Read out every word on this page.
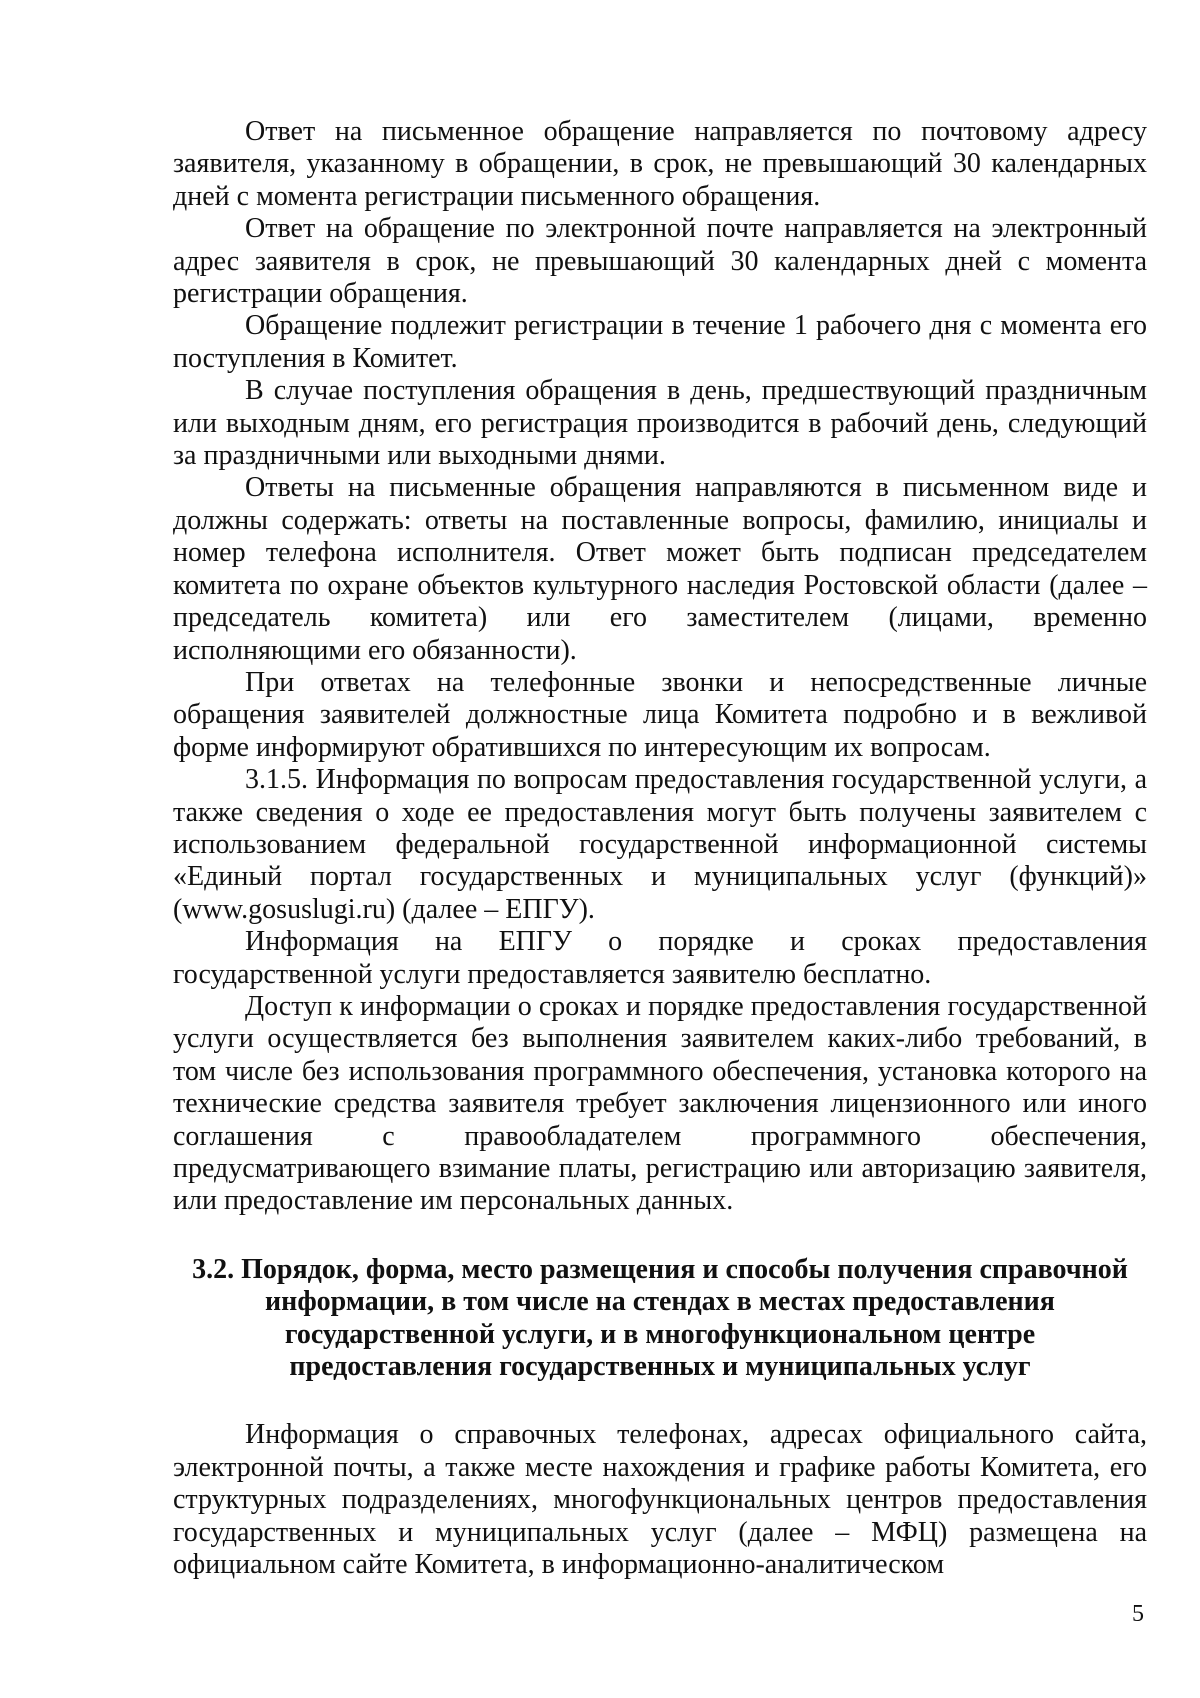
Ответ на письменное обращение направляется по почтовому адресу заявителя, указанному в обращении, в срок, не превышающий 30 календарных дней с момента регистрации письменного обращения.

Ответ на обращение по электронной почте направляется на электронный адрес заявителя в срок, не превышающий 30 календарных дней с момента регистрации обращения.

Обращение подлежит регистрации в течение 1 рабочего дня с момента его поступления в Комитет.

В случае поступления обращения в день, предшествующий праздничным или выходным дням, его регистрация производится в рабочий день, следующий за праздничными или выходными днями.

Ответы на письменные обращения направляются в письменном виде и должны содержать: ответы на поставленные вопросы, фамилию, инициалы и номер телефона исполнителя. Ответ может быть подписан председателем комитета по охране объектов культурного наследия Ростовской области (далее – председатель комитета) или его заместителем (лицами, временно исполняющими его обязанности).

При ответах на телефонные звонки и непосредственные личные обращения заявителей должностные лица Комитета подробно и в вежливой форме информируют обратившихся по интересующим их вопросам.

3.1.5. Информация по вопросам предоставления государственной услуги, а также сведения о ходе ее предоставления могут быть получены заявителем с использованием федеральной государственной информационной системы «Единый портал государственных и муниципальных услуг (функций)» (www.gosuslugi.ru) (далее – ЕПГУ).

Информация на ЕПГУ о порядке и сроках предоставления государственной услуги предоставляется заявителю бесплатно.

Доступ к информации о сроках и порядке предоставления государственной услуги осуществляется без выполнения заявителем каких-либо требований, в том числе без использования программного обеспечения, установка которого на технические средства заявителя требует заключения лицензионного или иного соглашения с правообладателем программного обеспечения, предусматривающего взимание платы, регистрацию или авторизацию заявителя, или предоставление им персональных данных.

3.2. Порядок, форма, место размещения и способы получения справочной
информации, в том числе на стендах в местах предоставления
государственной услуги, и в многофункциональном центре
предоставления государственных и муниципальных услуг

Информация о справочных телефонах, адресах официального сайта, электронной почты, а также месте нахождения и графике работы Комитета, его структурных подразделениях, многофункциональных центров предоставления государственных и муниципальных услуг (далее – МФЦ) размещена на официальном сайте Комитета, в информационно-аналитическом

5
